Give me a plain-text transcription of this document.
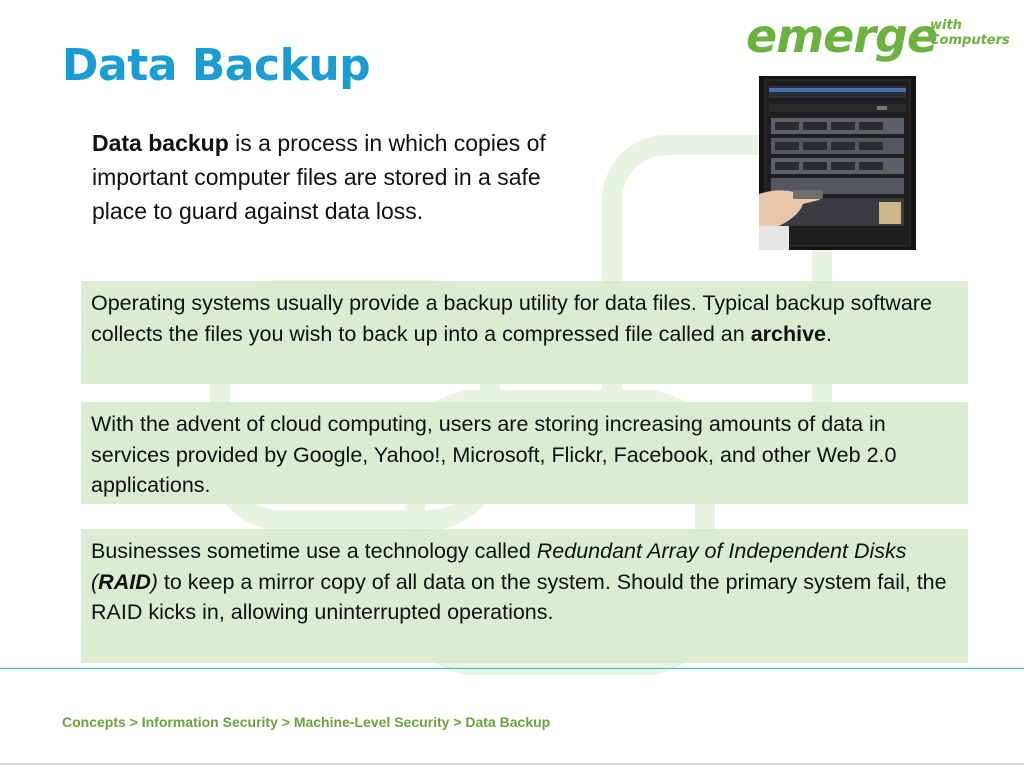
Data Backup
emerge
with
Computers

Data backup is a process in which copies of important computer files are stored in a safe place to guard against data loss.

Operating systems usually provide a backup utility for data files. Typical backup software collects the files you wish to back up into a compressed file called an archive.

With the advent of cloud computing, users are storing increasing amounts of data in services provided by Google, Yahoo!, Microsoft, Flickr, Facebook, and other Web 2.0 applications.

Businesses sometime use a technology called Redundant Array of Independent Disks (RAID) to keep a mirror copy of all data on the system. Should the primary system fail, the RAID kicks in, allowing uninterrupted operations.

Concepts > Information Security > Machine-Level Security > Data Backup
